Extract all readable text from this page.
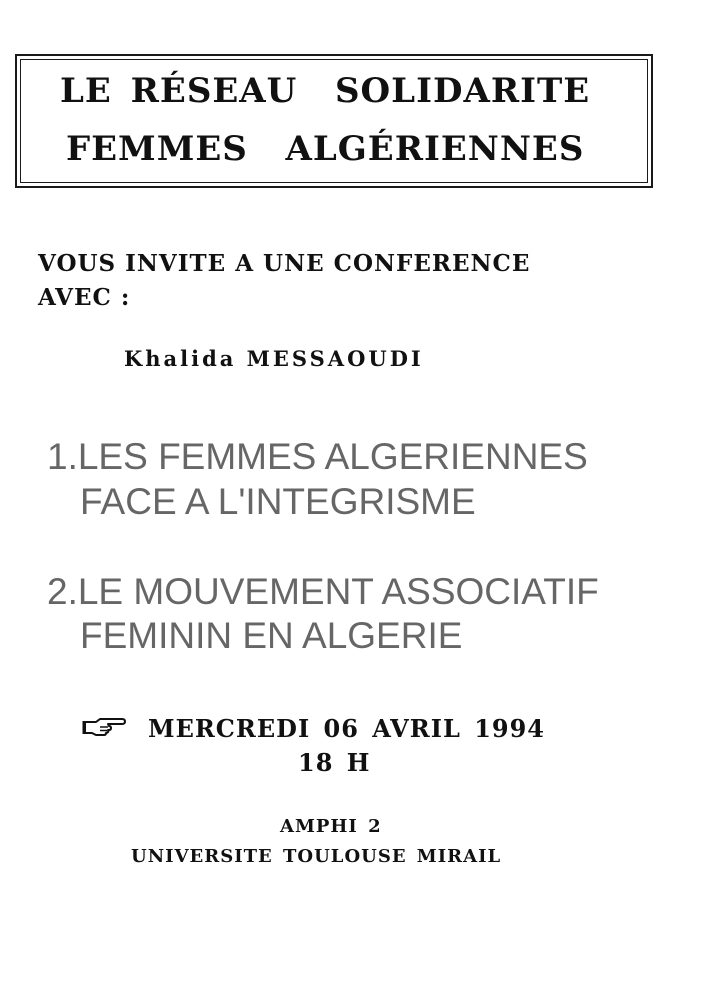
LE RÉSEAU  SOLIDARITE
FEMMES  ALGÉRIENNES
VOUS INVITE A UNE CONFERENCE
AVEC :
Khalida MESSAOUDI
1.LES FEMMES ALGERIENNES
FACE A L'INTEGRISME
2.LE MOUVEMENT ASSOCIATIF
FEMININ EN ALGERIE
MERCREDI 06 AVRIL 1994
18 H
AMPHI 2
UNIVERSITE TOULOUSE MIRAIL
